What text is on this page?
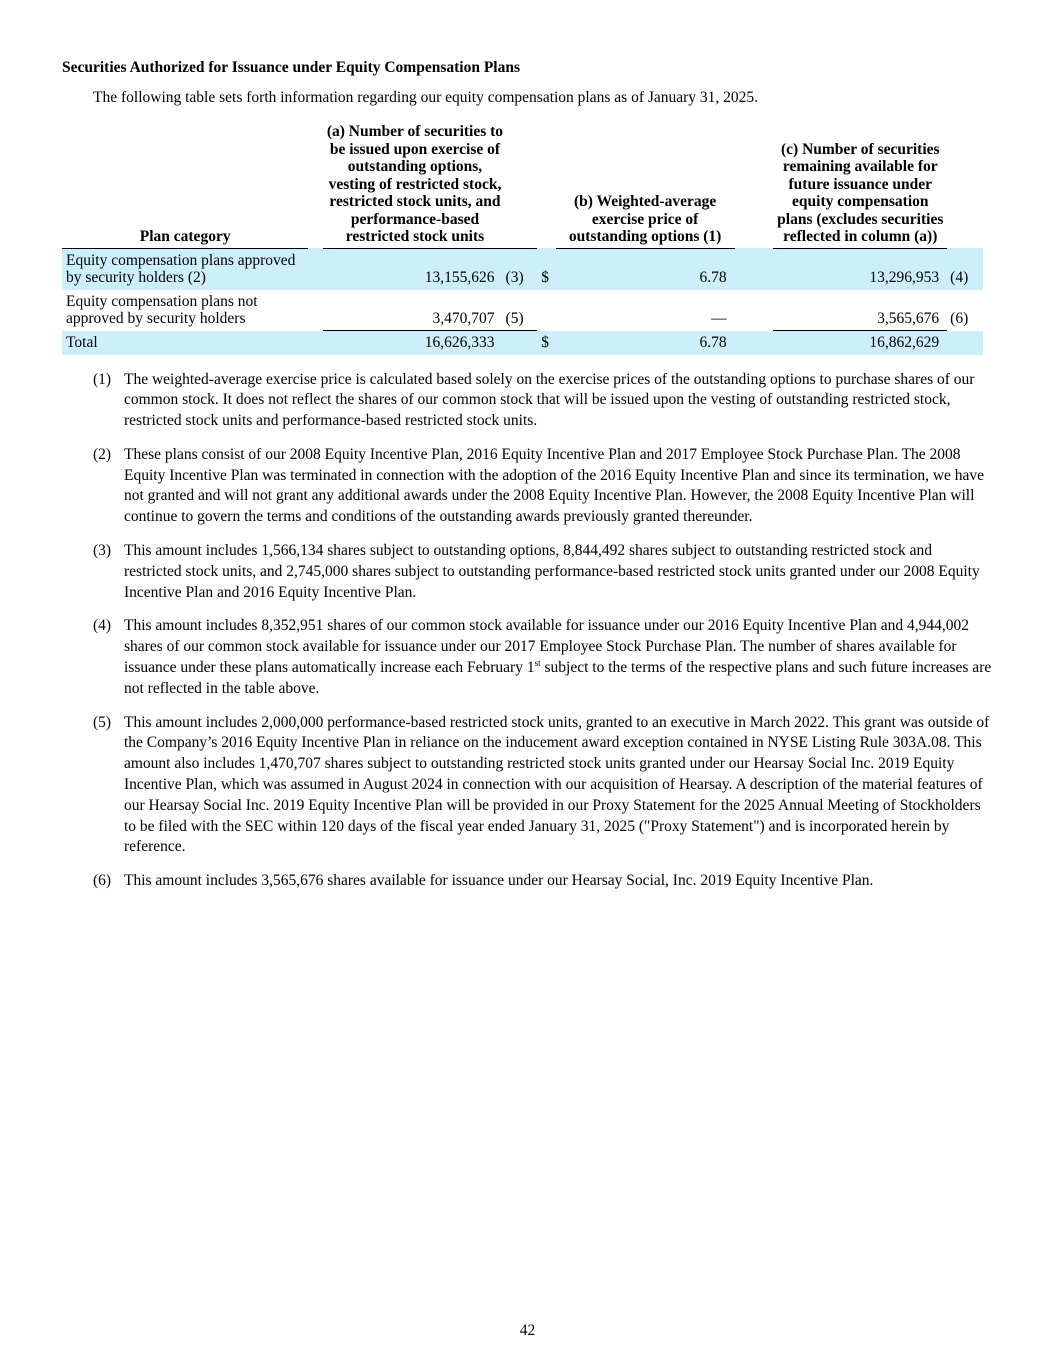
Securities Authorized for Issuance under Equity Compensation Plans

The following table sets forth information regarding our equity compensation plans as of January 31, 2025.

Plan category		(a) Number of securities to be issued upon exercise of outstanding options, vesting of restricted stock, restricted stock units, and performance-based restricted stock units			(b) Weighted-average exercise price of outstanding options (1)			(c) Number of securities remaining available for future issuance under equity compensation plans (excludes securities reflected in column (a))	
Equity compensation plans approved by security holders (2)		13,155,626	(3)	$		6.78		13,296,953	(4)
Equity compensation plans not approved by security holders		3,470,707	(5)			—		3,565,676	(6)
Total		16,626,333		$		6.78		16,862,629	
(1) The weighted-average exercise price is calculated based solely on the exercise prices of the outstanding options to purchase shares of our common stock. It does not reflect the shares of our common stock that will be issued upon the vesting of outstanding restricted stock, restricted stock units and performance-based restricted stock units.
(2) These plans consist of our 2008 Equity Incentive Plan, 2016 Equity Incentive Plan and 2017 Employee Stock Purchase Plan. The 2008 Equity Incentive Plan was terminated in connection with the adoption of the 2016 Equity Incentive Plan and since its termination, we have not granted and will not grant any additional awards under the 2008 Equity Incentive Plan. However, the 2008 Equity Incentive Plan will continue to govern the terms and conditions of the outstanding awards previously granted thereunder.
(3) This amount includes 1,566,134 shares subject to outstanding options, 8,844,492 shares subject to outstanding restricted stock and restricted stock units, and 2,745,000 shares subject to outstanding performance-based restricted stock units granted under our 2008 Equity Incentive Plan and 2016 Equity Incentive Plan.
(4) This amount includes 8,352,951 shares of our common stock available for issuance under our 2016 Equity Incentive Plan and 4,944,002 shares of our common stock available for issuance under our 2017 Employee Stock Purchase Plan. The number of shares available for issuance under these plans automatically increase each February 1st subject to the terms of the respective plans and such future increases are not reflected in the table above.
(5) This amount includes 2,000,000 performance-based restricted stock units, granted to an executive in March 2022. This grant was outside of the Company’s 2016 Equity Incentive Plan in reliance on the inducement award exception contained in NYSE Listing Rule 303A.08. This amount also includes 1,470,707 shares subject to outstanding restricted stock units granted under our Hearsay Social Inc. 2019 Equity Incentive Plan, which was assumed in August 2024 in connection with our acquisition of Hearsay. A description of the material features of our Hearsay Social Inc. 2019 Equity Incentive Plan will be provided in our Proxy Statement for the 2025 Annual Meeting of Stockholders to be filed with the SEC within 120 days of the fiscal year ended January 31, 2025 ("Proxy Statement") and is incorporated herein by reference.
(6) This amount includes 3,565,676 shares available for issuance under our Hearsay Social, Inc. 2019 Equity Incentive Plan.
42
